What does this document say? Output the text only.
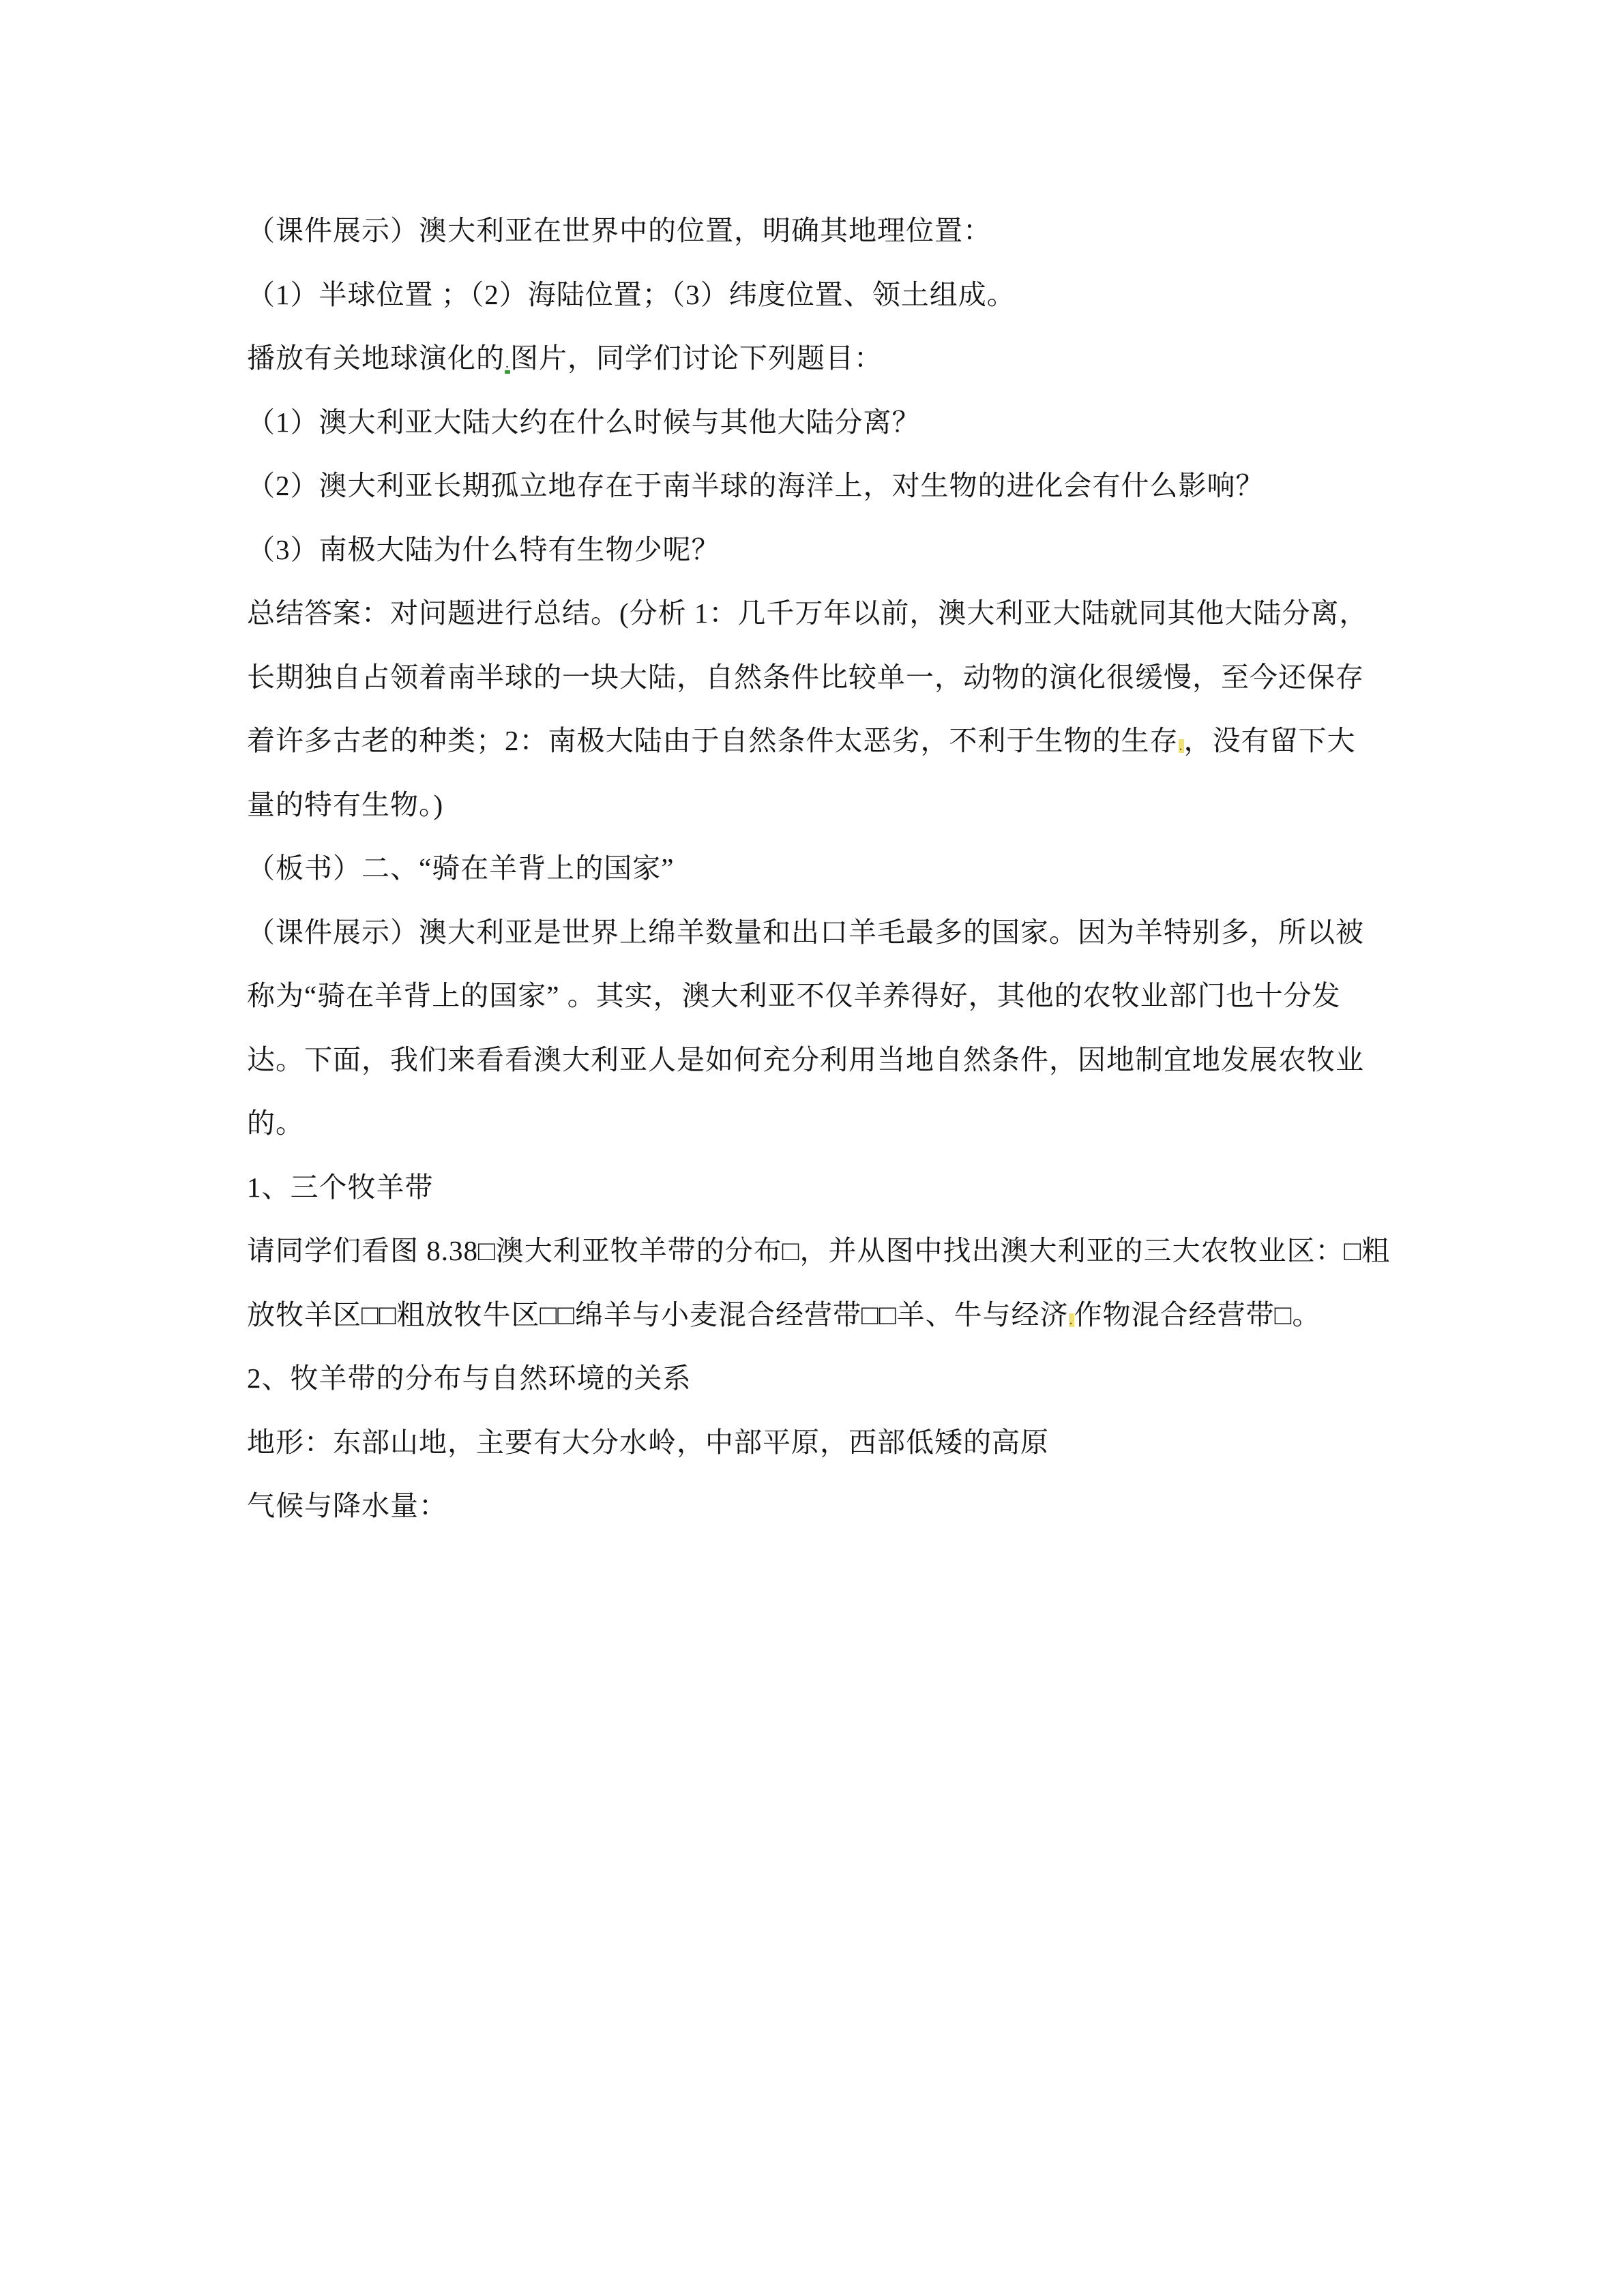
（课件展示）澳大利亚在世界中的位置，明确其地理位置：
（1）半球位置 ；（2）海陆位置；（3）纬度位置、领土组成。
播放有关地球演化的.图片，同学们讨论下列题目：
（1）澳大利亚大陆大约在什么时候与其他大陆分离？
（2）澳大利亚长期孤立地存在于南半球的海洋上，对生物的进化会有什么影响？
（3）南极大陆为什么特有生物少呢？
总结答案：对问题进行总结。(分析 1：几千万年以前，澳大利亚大陆就同其他大陆分离，
长期独自占领着南半球的一块大陆，自然条件比较单一，动物的演化很缓慢，至今还保存
着许多古老的种类；2：南极大陆由于自然条件太恶劣，不利于生物的生存.，没有留下大
量的特有生物。)
（板书）二、“骑在羊背上的国家”
（课件展示）澳大利亚是世界上绵羊数量和出口羊毛最多的国家。因为羊特别多，所以被
称为“骑在羊背上的国家” 。其实，澳大利亚不仅羊养得好，其他的农牧业部门也十分发
达。下面，我们来看看澳大利亚人是如何充分利用当地自然条件，因地制宜地发展农牧业
的。
1、三个牧羊带
请同学们看图 8.38□澳大利亚牧羊带的分布□，并从图中找出澳大利亚的三大农牧业区：□粗
放牧羊区□□粗放牧牛区□□绵羊与小麦混合经营带□□羊、牛与经济.作物混合经营带□。
2、牧羊带的分布与自然环境的关系
地形：东部山地，主要有大分水岭，中部平原，西部低矮的高原
气候与降水量：
